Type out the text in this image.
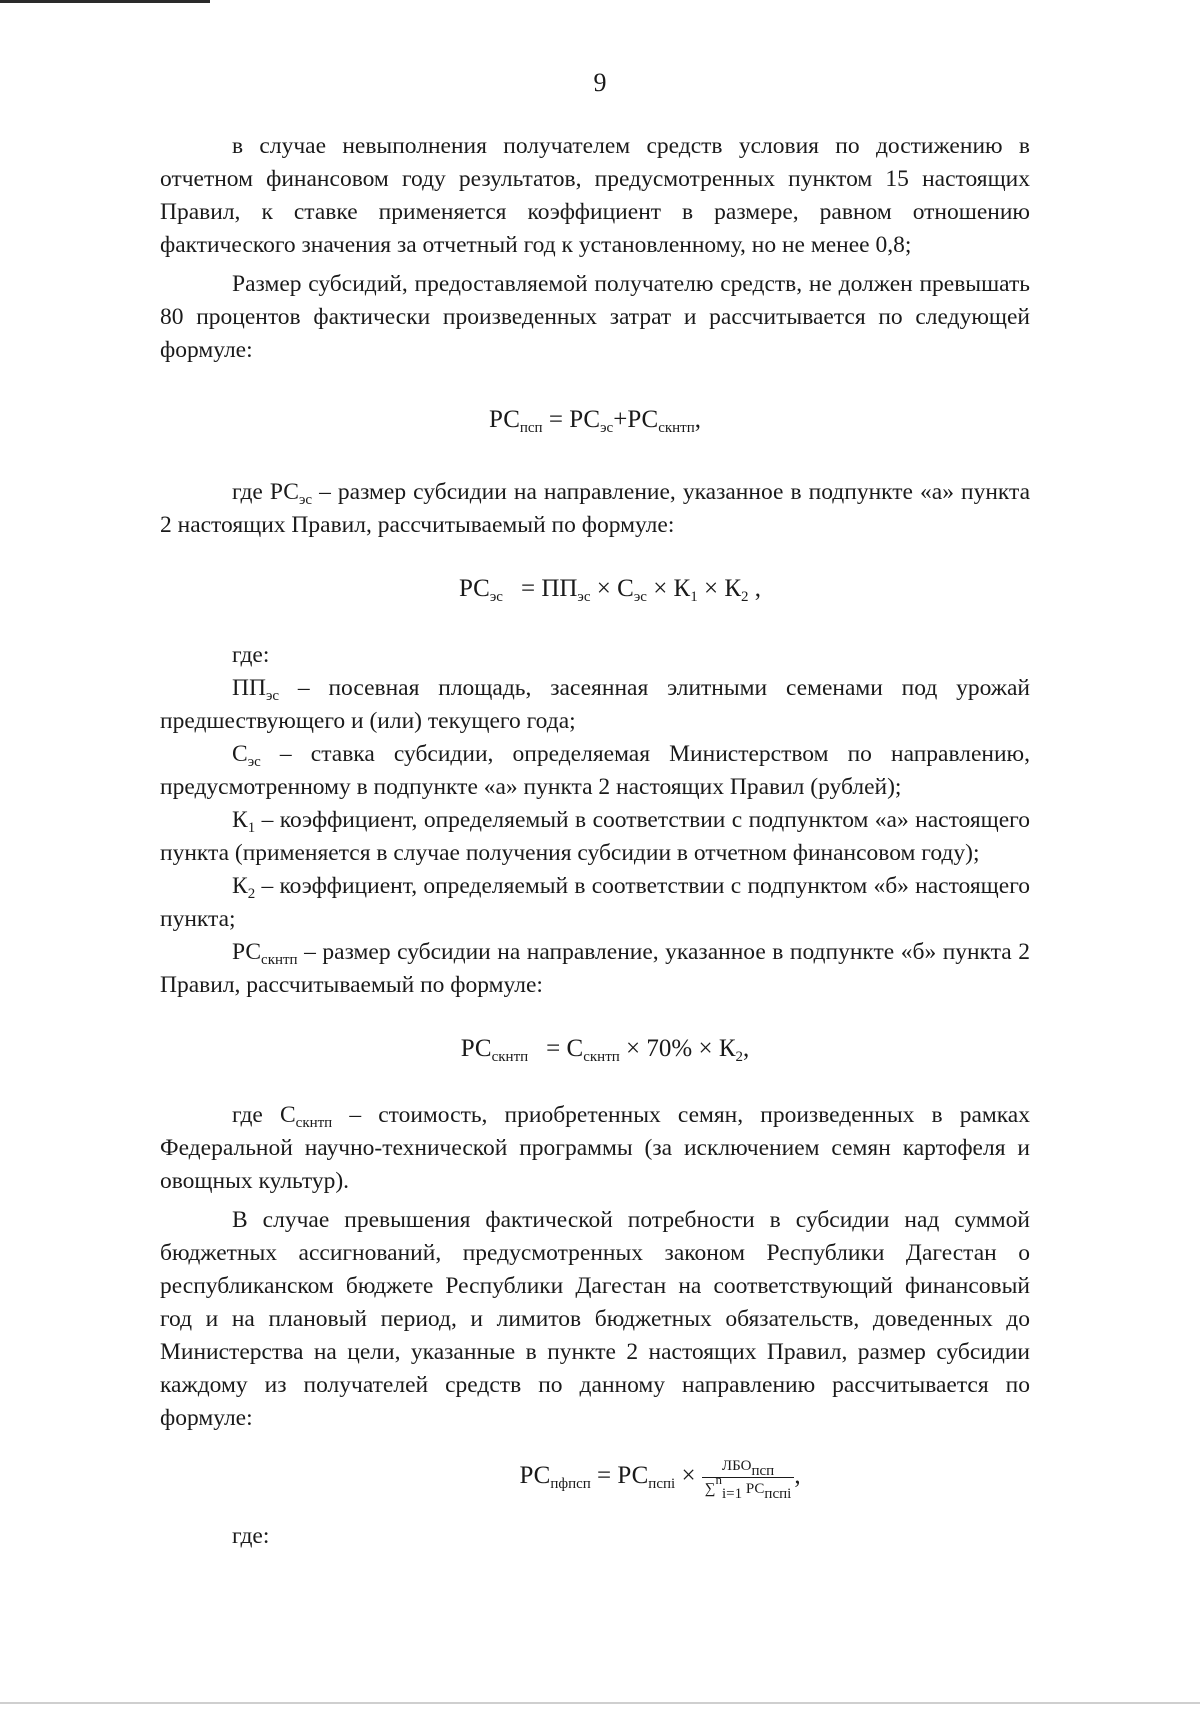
9

в случае невыполнения получателем средств условия по достижению в отчетном финансовом году результатов, предусмотренных пунктом 15 настоящих Правил, к ставке применяется коэффициент в размере, равном отношению фактического значения за отчетный год к установленному, но не менее 0,8;

Размер субсидий, предоставляемой получателю средств, не должен превышать 80 процентов фактически произведенных затрат и рассчитывается по следующей формуле:

$РС_{псп} = РС_{эс}+РС_{скнтп}$,

где $РС_{эс}$ – размер субсидии на направление, указанное в подпункте «а» пункта 2 настоящих Правил, рассчитываемый по формуле:

$РС_{эс} = ПП_{эс} \times С_{эс} \times К_1 \times К_2$ ,

где:

$ПП_{эс}$ – посевная площадь, засеянная элитными семенами под урожай предшествующего и (или) текущего года;

$С_{эс}$ – ставка субсидии, определяемая Министерством по направлению, предусмотренному в подпункте «а» пункта 2 настоящих Правил (рублей);

$К_1$ – коэффициент, определяемый в соответствии с подпунктом «а» настоящего пункта (применяется в случае получения субсидии в отчетном финансовом году);

$К_2$ – коэффициент, определяемый в соответствии с подпунктом «б» настоящего пункта;

$РС_{скнтп}$ – размер субсидии на направление, указанное в подпункте «б» пункта 2 Правил, рассчитываемый по формуле:

$РС_{скнтп} = С_{скнтп} \times 70\% \times К_2$,

где $С_{скнтп}$ – стоимость, приобретенных семян, произведенных в рамках Федеральной научно-технической программы (за исключением семян картофеля и овощных культур).

В случае превышения фактической потребности в субсидии над суммой бюджетных ассигнований, предусмотренных законом Республики Дагестан о республиканском бюджете Республики Дагестан на соответствующий финансовый год и на плановый период, и лимитов бюджетных обязательств, доведенных до Министерства на цели, указанные в пункте 2 настоящих Правил, размер субсидии каждому из получателей средств по данному направлению рассчитывается по формуле:

$РС_{пфпсп} = РС_{пспi} \times \frac{ЛБО_{псп}}{\sum n_{i=1} РС_{пспi}}$ ,

где:
